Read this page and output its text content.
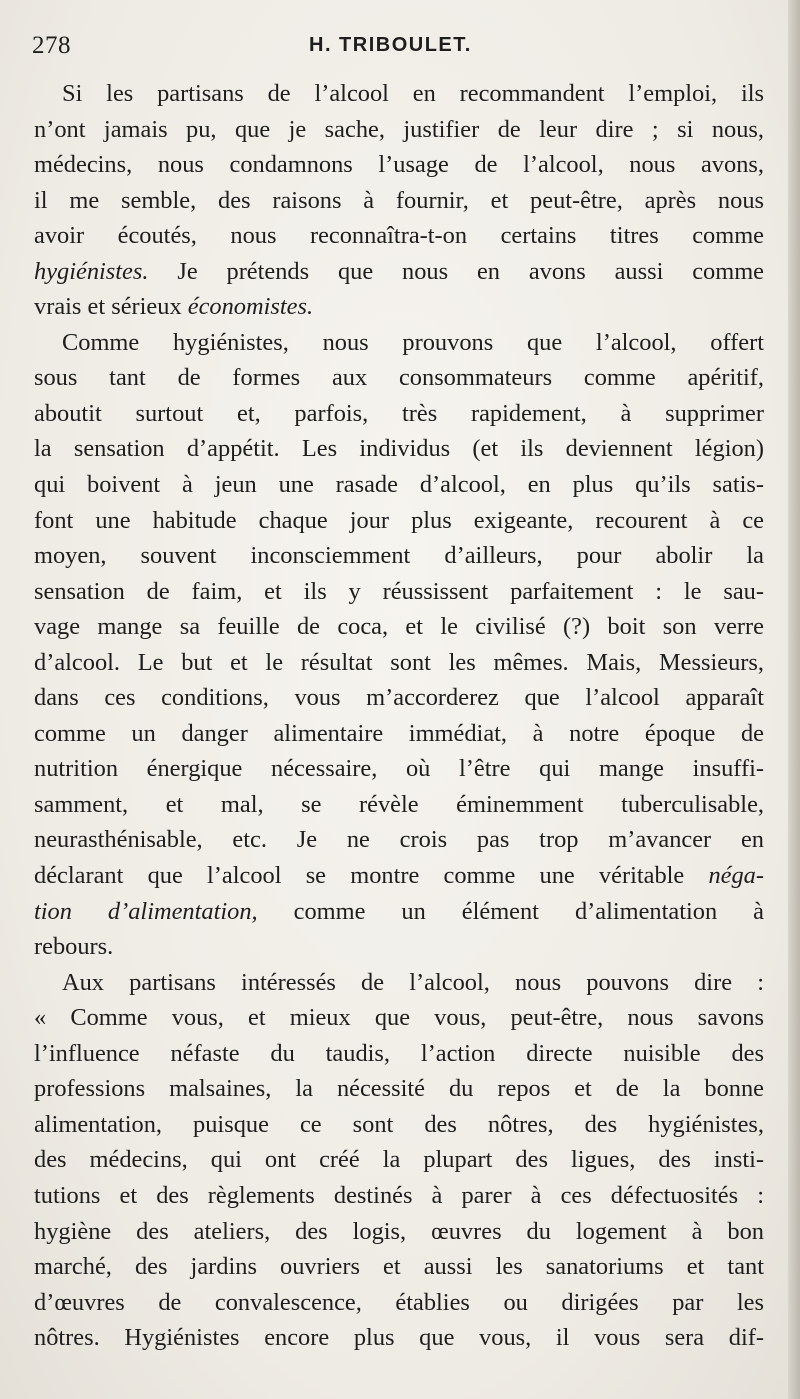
278	H. TRIBOULET.
Si les partisans de l’alcool en recommandent l’emploi, ils
n’ont jamais pu, que je sache, justifier de leur dire ; si nous,
médecins, nous condamnons l’usage de l’alcool, nous avons,
il me semble, des raisons à fournir, et peut-être, après nous
avoir écoutés, nous reconnaîtra-t-on certains titres comme
hygiénistes. Je prétends que nous en avons aussi comme
vrais et sérieux économistes.
Comme hygiénistes, nous prouvons que l’alcool, offert
sous tant de formes aux consommateurs comme apéritif,
aboutit surtout et, parfois, très rapidement, à supprimer
la sensation d’appétit. Les individus (et ils deviennent légion)
qui boivent à jeun une rasade d’alcool, en plus qu’ils satis-
font une habitude chaque jour plus exigeante, recourent à ce
moyen, souvent inconsciemment d’ailleurs, pour abolir la
sensation de faim, et ils y réussissent parfaitement : le sau-
vage mange sa feuille de coca, et le civilisé (?) boit son verre
d’alcool. Le but et le résultat sont les mêmes. Mais, Messieurs,
dans ces conditions, vous m’accorderez que l’alcool apparaît
comme un danger alimentaire immédiat, à notre époque de
nutrition énergique nécessaire, où l’être qui mange insuffi-
samment, et mal, se révèle éminemment tuberculisable,
neurasthénisable, etc. Je ne crois pas trop m’avancer en
déclarant que l’alcool se montre comme une véritable néga-
tion d’alimentation, comme un élément d’alimentation à
rebours.
Aux partisans intéressés de l’alcool, nous pouvons dire :
« Comme vous, et mieux que vous, peut-être, nous savons
l’influence néfaste du taudis, l’action directe nuisible des
professions malsaines, la nécessité du repos et de la bonne
alimentation, puisque ce sont des nôtres, des hygiénistes,
des médecins, qui ont créé la plupart des ligues, des insti-
tutions et des règlements destinés à parer à ces défectuosités :
hygiène des ateliers, des logis, œuvres du logement à bon
marché, des jardins ouvriers et aussi les sanatoriums et tant
d’œuvres de convalescence, établies ou dirigées par les
nôtres. Hygiénistes encore plus que vous, il vous sera dif-
